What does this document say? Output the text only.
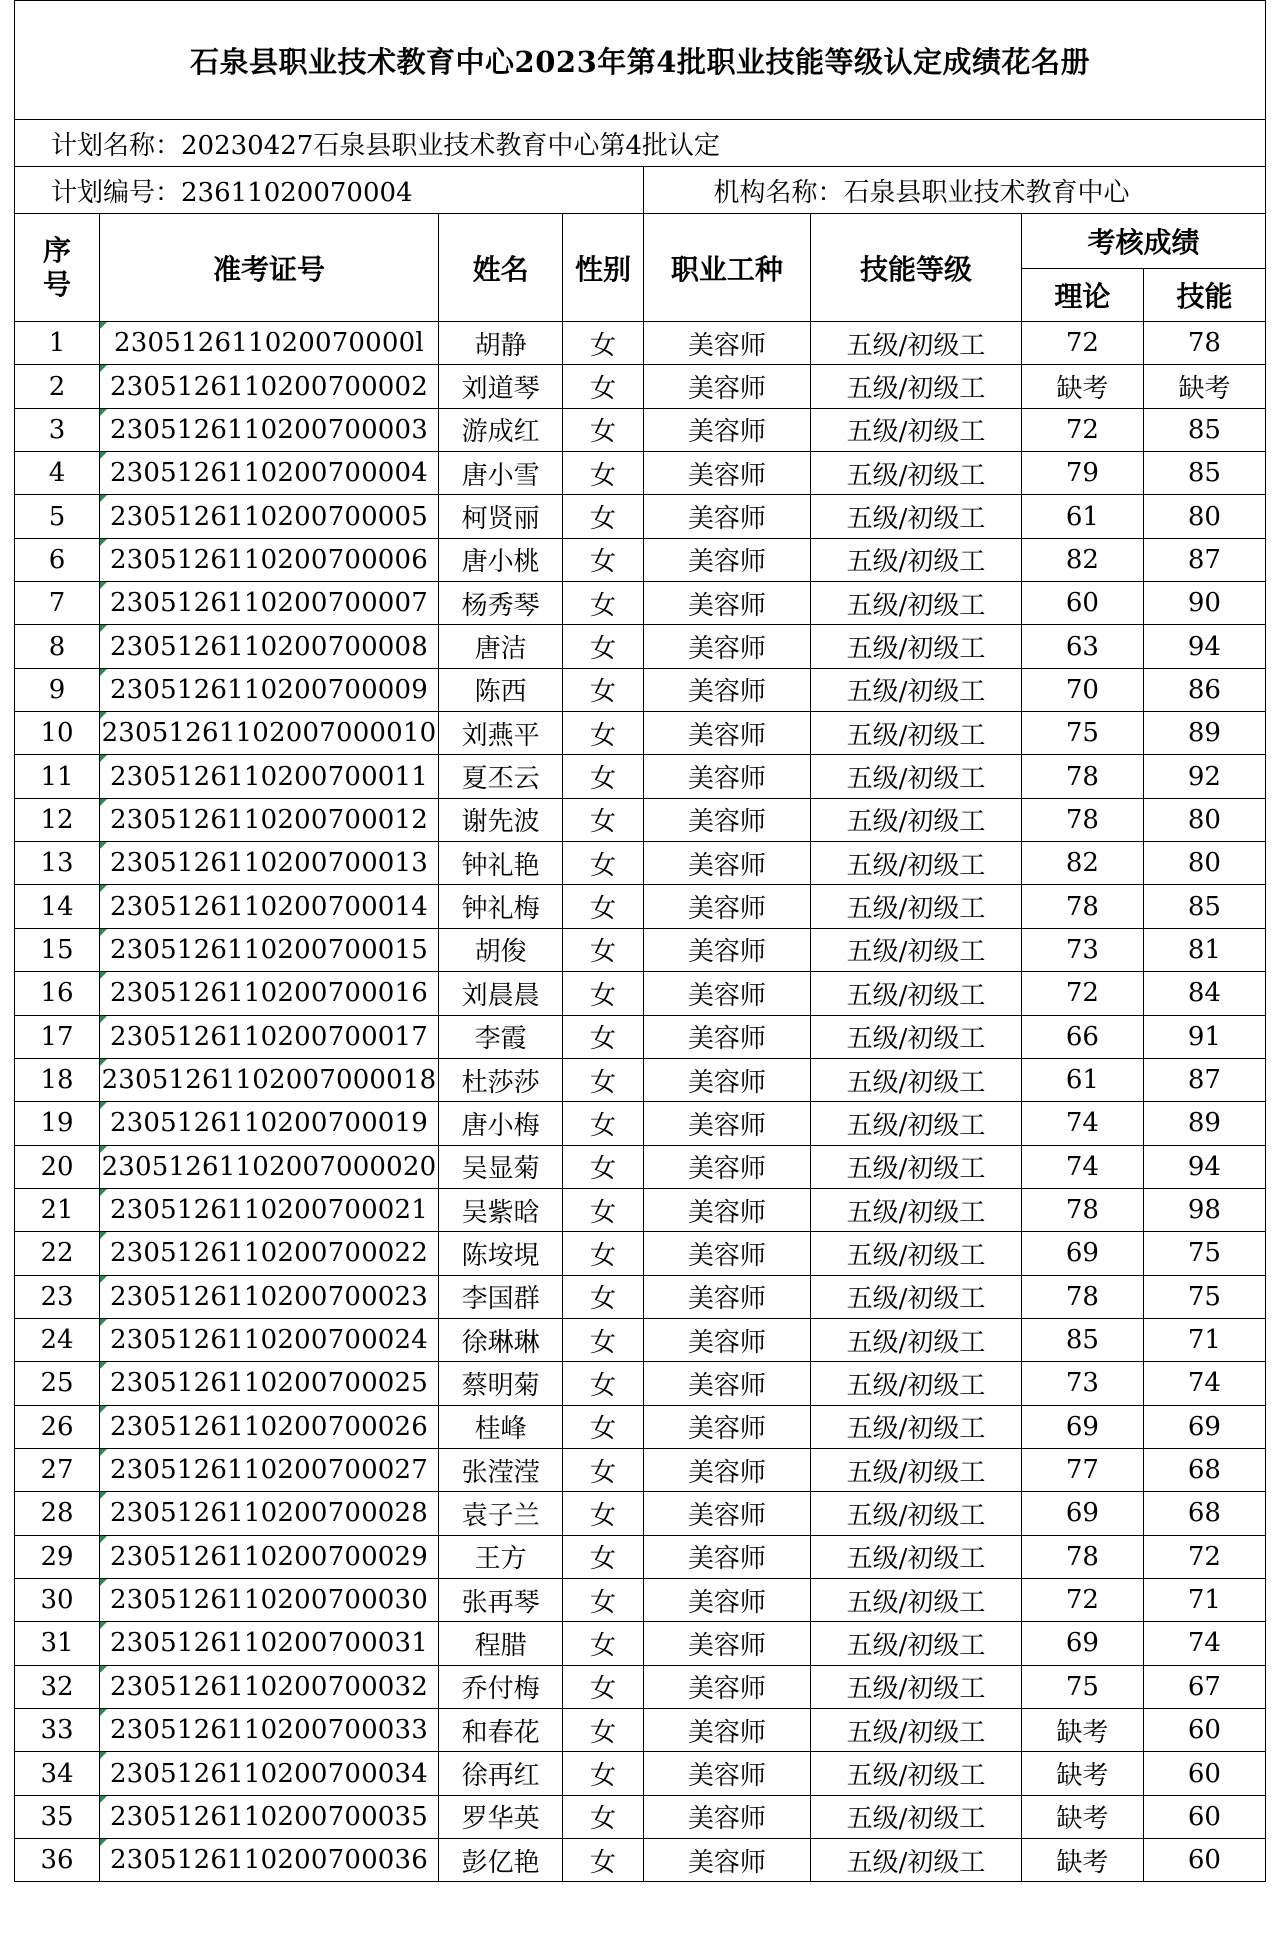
石泉县职业技术教育中心2023年第4批职业技能等级认定成绩花名册							
计划名称：20230427石泉县职业技术教育中心第4批认定							
计划编号：23611020070004				机构名称：石泉县职业技术教育中心			
序
号	准考证号	姓名	性别	职业工种	技能等级	考核成绩	
						理论	技能
1	230512611020070000l	胡静	女	美容师	五级/初级工	72	78
2	2305126110200700002	刘道琴	女	美容师	五级/初级工	缺考	缺考
3	2305126110200700003	游成红	女	美容师	五级/初级工	72	85
4	2305126110200700004	唐小雪	女	美容师	五级/初级工	79	85
5	2305126110200700005	柯贤丽	女	美容师	五级/初级工	61	80
6	2305126110200700006	唐小桃	女	美容师	五级/初级工	82	87
7	2305126110200700007	杨秀琴	女	美容师	五级/初级工	60	90
8	2305126110200700008	唐洁	女	美容师	五级/初级工	63	94
9	2305126110200700009	陈西	女	美容师	五级/初级工	70	86
10	23051261102007000010	刘燕平	女	美容师	五级/初级工	75	89
11	2305126110200700011	夏丕云	女	美容师	五级/初级工	78	92
12	2305126110200700012	谢先波	女	美容师	五级/初级工	78	80
13	2305126110200700013	钟礼艳	女	美容师	五级/初级工	82	80
14	2305126110200700014	钟礼梅	女	美容师	五级/初级工	78	85
15	2305126110200700015	胡俊	女	美容师	五级/初级工	73	81
16	2305126110200700016	刘晨晨	女	美容师	五级/初级工	72	84
17	2305126110200700017	李霞	女	美容师	五级/初级工	66	91
18	23051261102007000018	杜莎莎	女	美容师	五级/初级工	61	87
19	2305126110200700019	唐小梅	女	美容师	五级/初级工	74	89
20	23051261102007000020	吴显菊	女	美容师	五级/初级工	74	94
21	2305126110200700021	吴紫晗	女	美容师	五级/初级工	78	98
22	2305126110200700022	陈垵垷	女	美容师	五级/初级工	69	75
23	2305126110200700023	李国群	女	美容师	五级/初级工	78	75
24	2305126110200700024	徐琳琳	女	美容师	五级/初级工	85	71
25	2305126110200700025	蔡明菊	女	美容师	五级/初级工	73	74
26	2305126110200700026	桂峰	女	美容师	五级/初级工	69	69
27	2305126110200700027	张滢滢	女	美容师	五级/初级工	77	68
28	2305126110200700028	袁子兰	女	美容师	五级/初级工	69	68
29	2305126110200700029	王方	女	美容师	五级/初级工	78	72
30	2305126110200700030	张再琴	女	美容师	五级/初级工	72	71
31	2305126110200700031	程腊	女	美容师	五级/初级工	69	74
32	2305126110200700032	乔付梅	女	美容师	五级/初级工	75	67
33	2305126110200700033	和春花	女	美容师	五级/初级工	缺考	60
34	2305126110200700034	徐再红	女	美容师	五级/初级工	缺考	60
35	2305126110200700035	罗华英	女	美容师	五级/初级工	缺考	60
36	2305126110200700036	彭亿艳	女	美容师	五级/初级工	缺考	60
